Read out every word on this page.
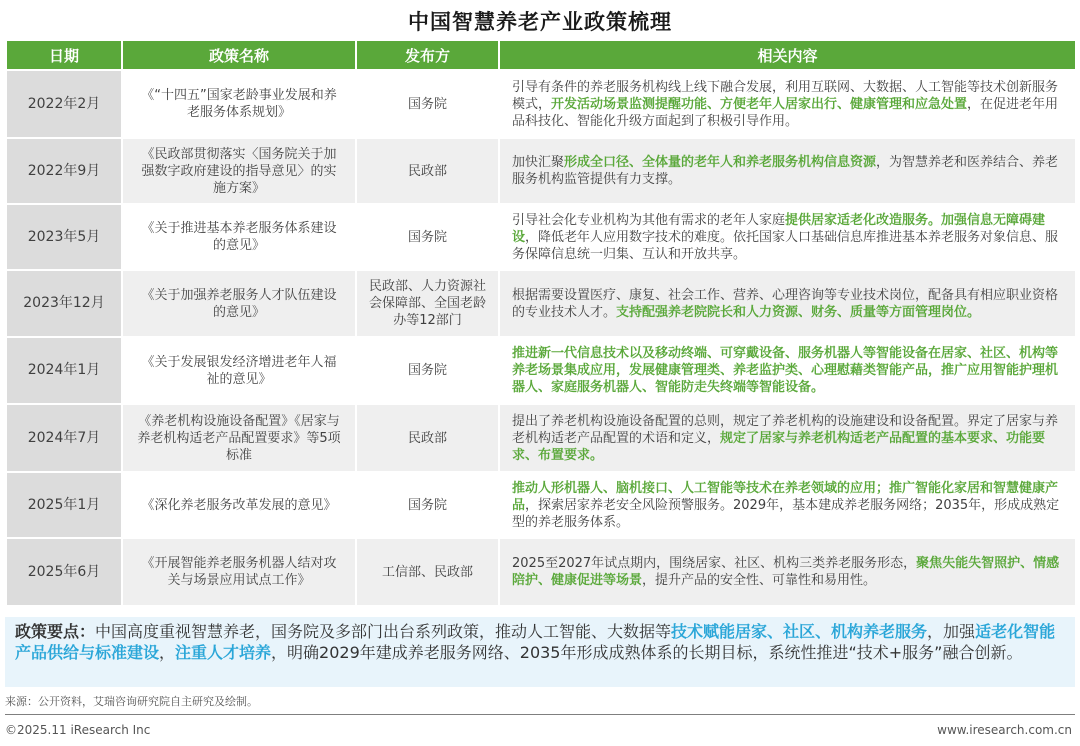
中国智慧养老产业政策梳理
日期	政策名称	发布方	相关内容
2022年2月	《“十四五”国家老龄事业发展和养老服务体系规划》	国务院	引导有条件的养老服务机构线上线下融合发展，利用互联网、大数据、人工智能等技术创新服务模式，开发活动场景监测提醒功能、方便老年人居家出行、健康管理和应急处置，在促进老年用品科技化、智能化升级方面起到了积极引导作用。
2022年9月	《民政部贯彻落实〈国务院关于加强数字政府建设的指导意见〉的实施方案》	民政部	加快汇聚形成全口径、全体量的老年人和养老服务机构信息资源，为智慧养老和医养结合、养老服务机构监管提供有力支撑。
2023年5月	《关于推进基本养老服务体系建设的意见》	国务院	引导社会化专业机构为其他有需求的老年人家庭提供居家适老化改造服务。加强信息无障碍建设，降低老年人应用数字技术的难度。依托国家人口基础信息库推进基本养老服务对象信息、服务保障信息统一归集、互认和开放共享。
2023年12月	《关于加强养老服务人才队伍建设的意见》	民政部、人力资源社会保障部、全国老龄办等12部门	根据需要设置医疗、康复、社会工作、营养、心理咨询等专业技术岗位，配备具有相应职业资格的专业技术人才。支持配强养老院院长和人力资源、财务、质量等方面管理岗位。
2024年1月	《关于发展银发经济增进老年人福祉的意见》	国务院	推进新一代信息技术以及移动终端、可穿戴设备、服务机器人等智能设备在居家、社区、机构等养老场景集成应用，发展健康管理类、养老监护类、心理慰藉类智能产品，推广应用智能护理机器人、家庭服务机器人、智能防走失终端等智能设备。
2024年7月	《养老机构设施设备配置》《居家与养老机构适老产品配置要求》等5项标准	民政部	提出了养老机构设施设备配置的总则，规定了养老机构的设施建设和设备配置。界定了居家与养老机构适老产品配置的术语和定义，规定了居家与养老机构适老产品配置的基本要求、功能要求、布置要求。
2025年1月	《深化养老服务改革发展的意见》	国务院	推动人形机器人、脑机接口、人工智能等技术在养老领域的应用；推广智能化家居和智慧健康产品，探索居家养老安全风险预警服务。2029年，基本建成养老服务网络；2035年，形成成熟定型的养老服务体系。
2025年6月	《开展智能养老服务机器人结对攻关与场景应用试点工作》	工信部、民政部	2025至2027年试点期内，围绕居家、社区、机构三类养老服务形态，聚焦失能失智照护、情感陪护、健康促进等场景，提升产品的安全性、可靠性和易用性。
政策要点：中国高度重视智慧养老，国务院及多部门出台系列政策，推动人工智能、大数据等技术赋能居家、社区、机构养老服务，加强适老化智能产品供给与标准建设，注重人才培养，明确2029年建成养老服务网络、2035年形成成熟体系的长期目标，系统性推进“技术+服务”融合创新。
来源：公开资料，艾瑞咨询研究院自主研究及绘制。
©2025.11 iResearch Inc	www.iresearch.com.cn
